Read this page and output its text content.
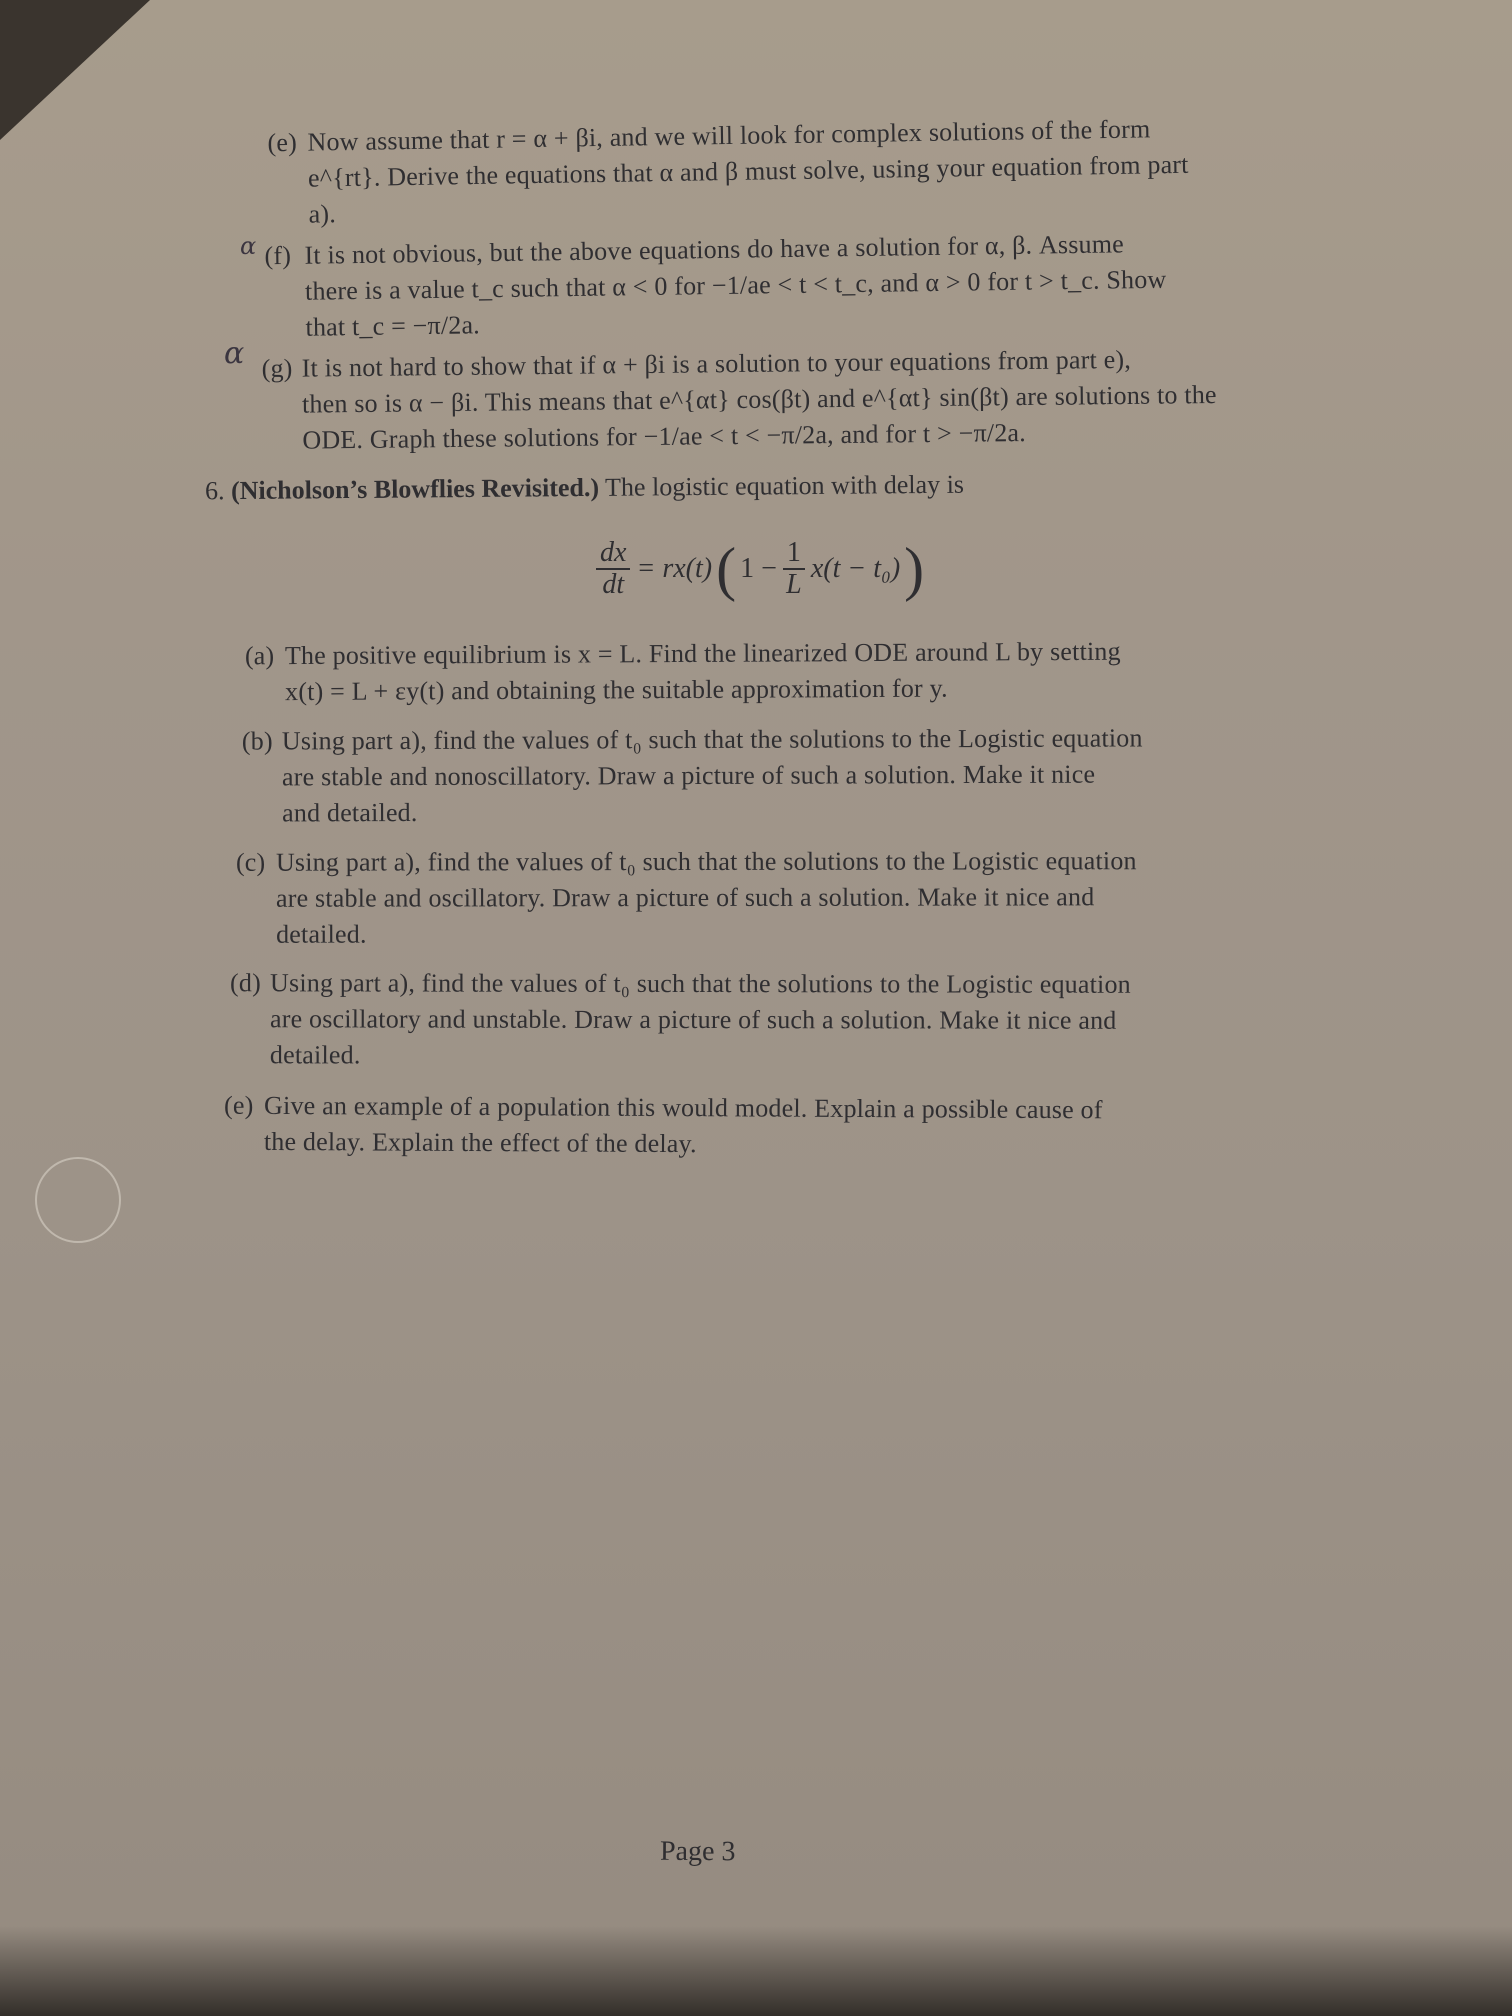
(e) Now assume that r = α + βi, and we will look for complex solutions of the form
e^{rt}. Derive the equations that α and β must solve, using your equation from part
a).
α (f) It is not obvious, but the above equations do have a solution for α, β. Assume
there is a value t_c such that α < 0 for −1/ae < t < t_c, and α > 0 for t > t_c. Show
that t_c = −π/2a.
α (g) It is not hard to show that if α + βi is a solution to your equations from part e),
then so is α − βi. This means that e^{αt} cos(βt) and e^{αt} sin(βt) are solutions to the
ODE. Graph these solutions for −1/ae < t < −π/2a, and for t > −π/2a.
6. (Nicholson’s Blowflies Revisited.) The logistic equation with delay is
$\frac{dx}{dt} = rx(t)$ ( $1 - \frac{1}{L} x(t - t_0)$ )
(a) The positive equilibrium is x = L. Find the linearized ODE around L by setting
x(t) = L + εy(t) and obtaining the suitable approximation for y.
(b) Using part a), find the values of t₀ such that the solutions to the Logistic equation
are stable and nonoscillatory. Draw a picture of such a solution. Make it nice
and detailed.
(c) Using part a), find the values of t₀ such that the solutions to the Logistic equation
are stable and oscillatory. Draw a picture of such a solution. Make it nice and
detailed.
(d) Using part a), find the values of t₀ such that the solutions to the Logistic equation
are oscillatory and unstable. Draw a picture of such a solution. Make it nice and
detailed.
(e) Give an example of a population this would model. Explain a possible cause of
the delay. Explain the effect of the delay.
Page 3
